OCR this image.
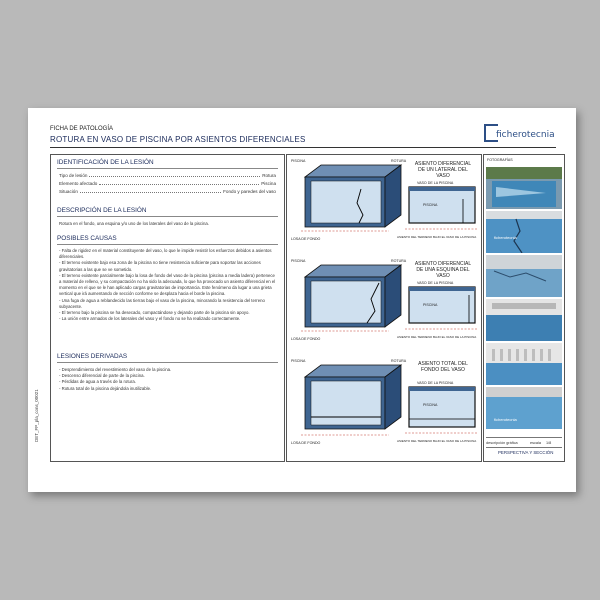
FICHA DE PATOLOGÍA
ROTURA EN VASO DE PISCINA POR ASIENTOS DIFERENCIALES	ficherotecnia
IDENTIFICACIÓN DE LA LESIÓN
Tipo de lesión	Rotura
Elemento afectado	Piscina
Situación	Fondo y paredes del vaso
DESCRIPCIÓN DE LA LESIÓN
Rotura en el fondo, una esquina y/o uno de los laterales del vaso de la piscina.
POSIBLES CAUSAS
- Falta de rigidez en el material constituyente del vaso, lo que le impide resistir los esfuerzos debidos a asientos diferenciales.
- El terreno existente bajo esa zona de la piscina no tiene resistencia suficiente para soportar las acciones gravitatorias a las que se ve sometido.
- El terreno existente parcialmente bajo la losa de fondo del vaso de la piscina (piscina a media ladera) pertenece a material de relleno, y su compactación no ha sido la adecuada, lo que ha provocado un asiento diferencial en el momento en el que se le han aplicado cargas gravitatorias de importancia. Este fenómeno da lugar a una grieta vertical que irá aumentando de sección conforme se desplaza hacia el borde la piscina.
- Una fuga de agua a reblandecido las tierras bajo el vaso de la piscina, minorando la resistencia del terreno subyacente.
- El terreno bajo la piscina se ha desecado, compactándose y dejando parte de la piscina sin apoyo.
- La unión entre armados de los laterales del vaso y el fondo no se ha realizado correctamente.
LESIONES DERIVADAS
- Desprendimiento del revestimiento del vaso de la piscina.
- Descenso diferencial de parte de la piscina.
- Pérdidas de agua a través de la rotura.
- Rotura total de la piscina dejándola inutilizable.
DET_FP_pla_cons_00021
PISCINA	ROTURA
LOSA DE FONDO
ASIENTO DIFERENCIAL DE UN LATERAL DEL VASO
VASO DE LA PISCINA
PISCINA
ASIENTO DEL TERRENO BAJO EL VASO DE LA PISCINA
PISCINA	ROTURA
LOSA DE FONDO
ASIENTO DIFERENCIAL DE UNA ESQUINA DEL VASO
VASO DE LA PISCINA
PISCINA
ASIENTO DEL TERRENO BAJO EL VASO DE LA PISCINA
PISCINA	ROTURA
LOSA DE FONDO
ASIENTO TOTAL DEL FONDO DEL VASO
VASO DE LA PISCINA
PISCINA
ASIENTO DEL TERRENO BAJO EL VASO DE LA PISCINA
FOTOGRAFÍAS
ficherotecnia
ficherotecnia
descripción gráfica	escala 1/8
PERSPECTIVA Y SECCIÓN
